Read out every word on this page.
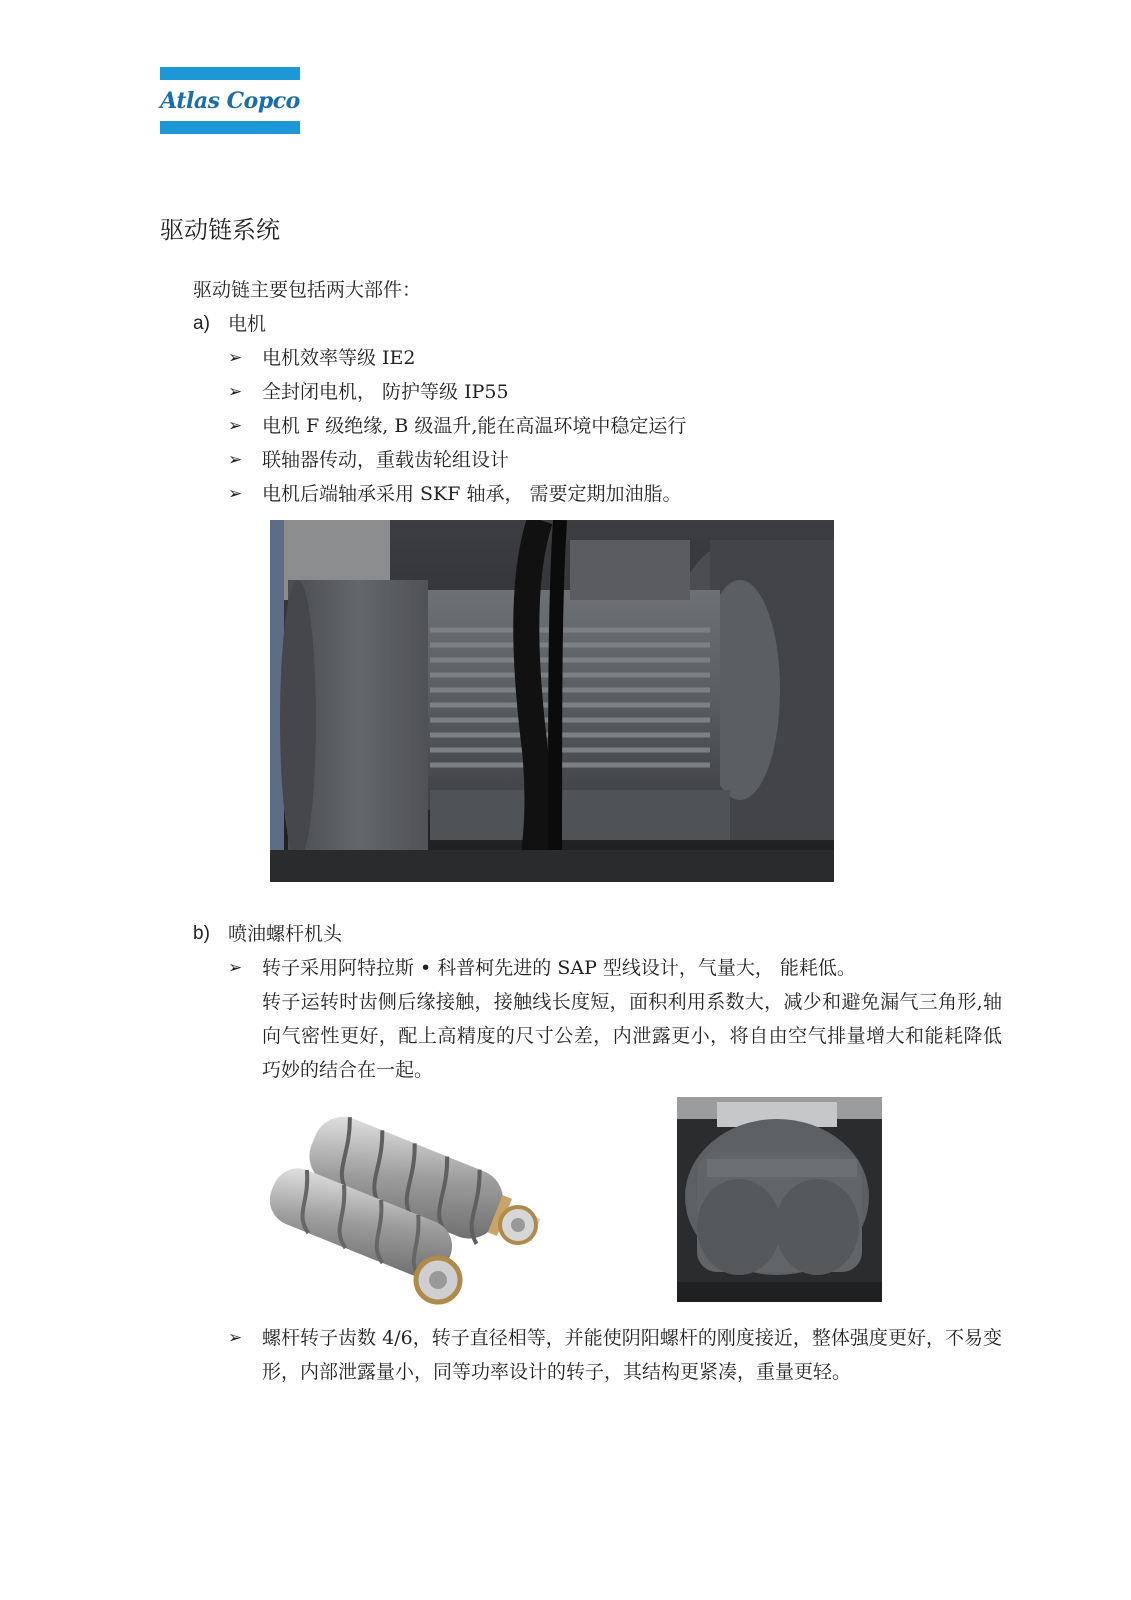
Atlas Copco
驱动链系统
驱动链主要包括两大部件：
a) 电机
➢ 电机效率等级 IE2
➢ 全封闭电机， 防护等级 IP55
➢ 电机 F 级绝缘, B 级温升,能在高温环境中稳定运行
➢ 联轴器传动，重载齿轮组设计
➢ 电机后端轴承采用 SKF 轴承， 需要定期加油脂。
b) 喷油螺杆机头
➢ 转子采用阿特拉斯 • 科普柯先进的 SAP 型线设计，气量大， 能耗低。
转子运转时齿侧后缘接触，接触线长度短，面积利用系数大，减少和避免漏气三角形,轴向气密性更好，配上高精度的尺寸公差，内泄露更小，将自由空气排量增大和能耗降低巧妙的结合在一起。
➢ 螺杆转子齿数 4/6，转子直径相等，并能使阴阳螺杆的刚度接近，整体强度更好，不易变形，内部泄露量小，同等功率设计的转子，其结构更紧凑，重量更轻。
